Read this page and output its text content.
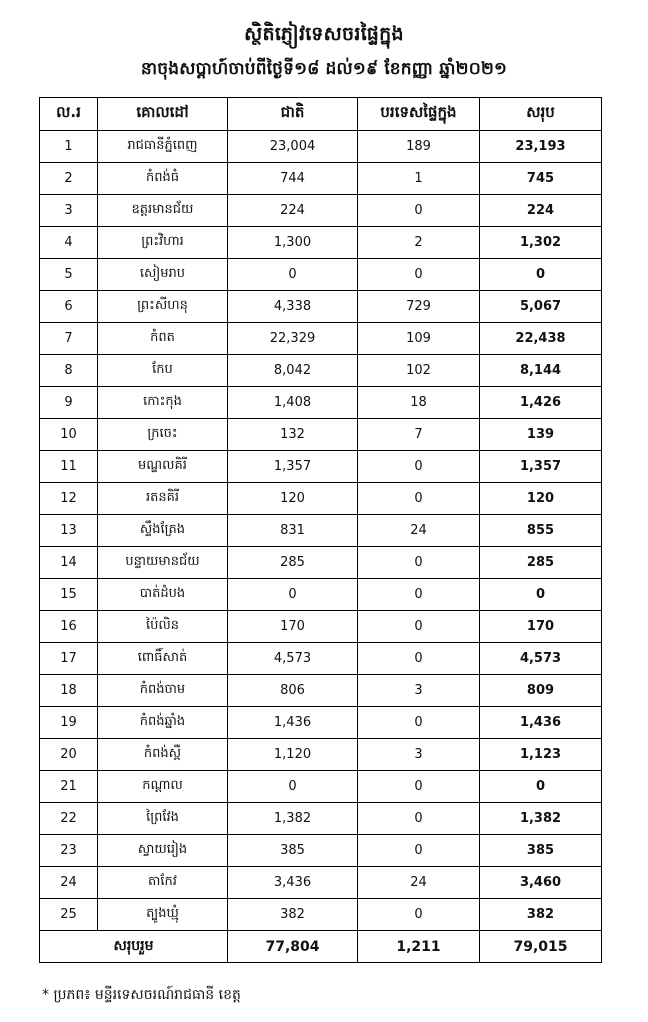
ស្ថិតិភ្ញៀវទេសចរផ្ទៃក្នុង
នាចុងសប្ដាហ៍ចាប់ពីថ្ងៃទី១៨ ដល់១៩ ខែកញ្ញា ឆ្នាំ២០២១
ល.រ	គោលដៅ	ជាតិ	បរទេសផ្ទៃក្នុង	សរុប
1	រាជធានីភ្នំពេញ	23,004	189	23,193
2	កំពង់ធំ	744	1	745
3	ឧត្តរមានជ័យ	224	0	224
4	ព្រះវិហារ	1,300	2	1,302
5	សៀមរាប	0	0	0
6	ព្រះសីហនុ	4,338	729	5,067
7	កំពត	22,329	109	22,438
8	កែប	8,042	102	8,144
9	កោះកុង	1,408	18	1,426
10	ក្រចេះ	132	7	139
11	មណ្ឌលគិរី	1,357	0	1,357
12	រតនគិរី	120	0	120
13	ស្ទឹងត្រែង	831	24	855
14	បន្ទាយមានជ័យ	285	0	285
15	បាត់ដំបង	0	0	0
16	ប៉ៃលិន	170	0	170
17	ពោធិ៍សាត់	4,573	0	4,573
18	កំពង់ចាម	806	3	809
19	កំពង់ឆ្នាំង	1,436	0	1,436
20	កំពង់ស្ពឺ	1,120	3	1,123
21	កណ្ដាល	0	0	0
22	ព្រៃវែង	1,382	0	1,382
23	ស្វាយរៀង	385	0	385
24	តាកែវ	3,436	24	3,460
25	ត្បូងឃ្មុំ	382	0	382
សរុបរួម		77,804	1,211	79,015
* ប្រភព៖ មន្ទីរទេសចរណ៍រាជធានី ខេត្ត
